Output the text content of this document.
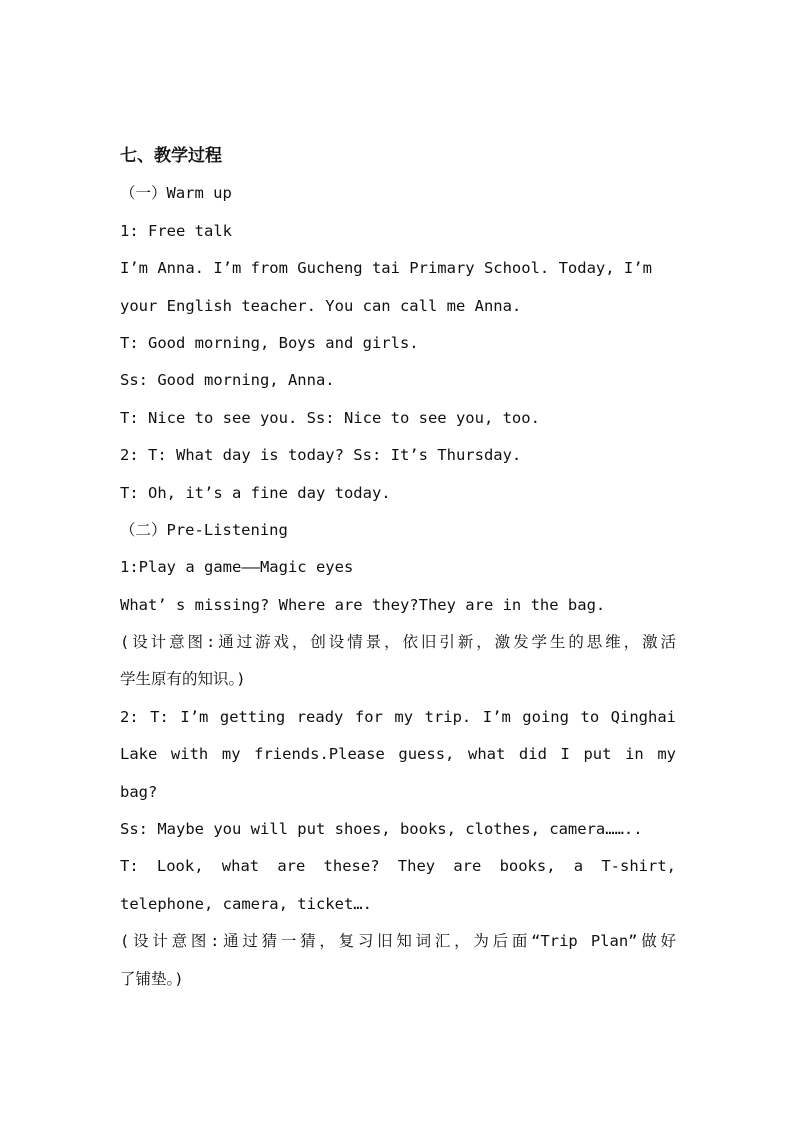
七、教学过程
（一）Warm up
1: Free talk
I’m Anna. I’m from Gucheng tai Primary School. Today, I’m
your English teacher. You can call me Anna.
T: Good morning, Boys and girls.
Ss: Good morning, Anna.
T: Nice to see you. Ss: Nice to see you, too.
2: T: What day is today? Ss: It’s Thursday.
T: Oh, it’s a fine day today.
（二）Pre-Listening
1:Play a game——Magic eyes
What’ s missing? Where are they?They are in the bag.
(设计意图:通过游戏，创设情景，依旧引新，激发学生的思维，激活
学生原有的知识。)
2: T: I’m getting ready for my trip. I’m going to Qinghai
Lake with my friends.Please guess, what did I put in my
bag?
Ss: Maybe you will put shoes, books, clothes, camera……..
T: Look, what are these? They are books, a T-shirt,
telephone, camera, ticket….
(设计意图:通过猜一猜，复习旧知词汇，为后面“Trip Plan”做好
了铺垫。)
